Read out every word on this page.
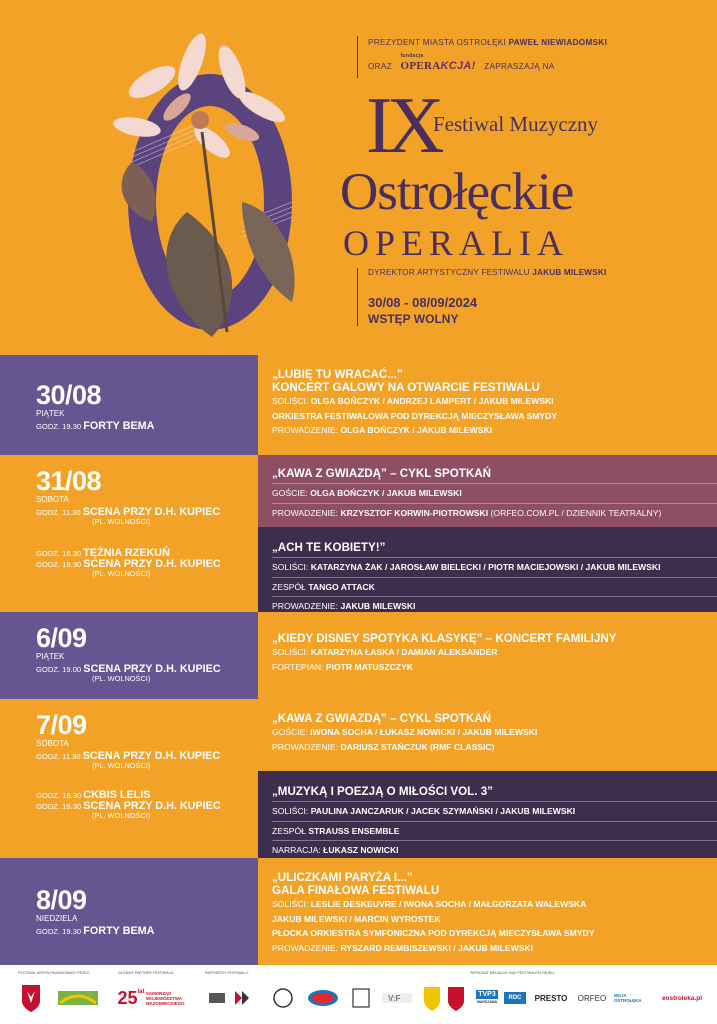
PREZYDENT MIASTA OSTROŁĘKI PAWEŁ NIEWIADOMSKI
ORAZ
fundacja
OPERAKCJA! ZAPRASZAJĄ NA
IX
Festiwal Muzyczny
Ostrołęckie
OPERALIA
DYREKTOR ARTYSTYCZNY FESTIWALU JAKUB MILEWSKI
30/08 - 08/09/2024
WSTĘP WOLNY
30/08
PIĄTEK
GODZ. 19.30 FORTY BEMA
„LUBIĘ TU WRACAĆ...”
KONCERT GALOWY NA OTWARCIE FESTIWALU
SOLIŚCI: OLGA BOŃCZYK / ANDRZEJ LAMPERT / JAKUB MILEWSKI
ORKIESTRA FESTIWALOWA POD DYREKCJĄ MIECZYSŁAWA SMYDY
PROWADZENIE: OLGA BOŃCZYK / JAKUB MILEWSKI
31/08
SOBOTA
GODZ. 11.30 SCENA PRZY D.H. KUPIEC
(PL. WOLNOŚCI)
GODZ. 16.30 TĘŻNIA RZEKUŃ
GODZ. 19.30 SCENA PRZY D.H. KUPIEC
(PL. WOLNOŚCI)
„KAWA Z GWIAZDĄ” – CYKL SPOTKAŃ
GOŚCIE: OLGA BOŃCZYK / JAKUB MILEWSKI
PROWADZENIE: KRZYSZTOF KORWIN-PIOTROWSKI (ORFEO.COM.PL / DZIENNIK TEATRALNY)
„ACH TE KOBIETY!”
SOLIŚCI: KATARZYNA ŻAK / JAROSŁAW BIELECKI / PIOTR MACIEJOWSKI / JAKUB MILEWSKI
ZESPÓŁ TANGO ATTACK
PROWADZENIE: JAKUB MILEWSKI
6/09
PIĄTEK
GODZ. 19.00 SCENA PRZY D.H. KUPIEC
(PL. WOLNOŚCI)
„KIEDY DISNEY SPOTYKA KLASYKĘ” – KONCERT FAMILIJNY
SOLIŚCI: KATARZYNA ŁASKA / DAMIAN ALEKSANDER
FORTEPIAN: PIOTR MATUSZCZYK
7/09
SOBOTA
GODZ. 11.30 SCENA PRZY D.H. KUPIEC
(PL. WOLNOŚCI)
GODZ. 16.30 CKBIS LELIS
GODZ. 19.30 SCENA PRZY D.H. KUPIEC
(PL. WOLNOŚCI)
„KAWA Z GWIAZDĄ” – CYKL SPOTKAŃ
GOŚCIE: IWONA SOCHA / ŁUKASZ NOWICKI / JAKUB MILEWSKI
PROWADZENIE: DARIUSZ STAŃCZUK (RMF CLASSIC)
„MUZYKĄ I POEZJĄ O MIŁOŚCI VOL. 3”
SOLIŚCI: PAULINA JANCZARUK / JACEK SZYMAŃSKI / JAKUB MILEWSKI
ZESPÓŁ STRAUSS ENSEMBLE
NARRACJA: ŁUKASZ NOWICKI
8/09
NIEDZIELA
GODZ. 19.30 FORTY BEMA
„ULICZKAMI PARYŻA I...”
GALA FINAŁOWA FESTIWALU
SOLIŚCI: LESLIE DESKEUVRE / IWONA SOCHA / MAŁGORZATA WALEWSKA
JAKUB MILEWSKI / MARCIN WYROSTEK
PŁOCKA ORKIESTRA SYMFONICZNA POD DYREKCJĄ MIECZYSŁAWA SMYDY
PROWADZENIE: RYSZARD REMBISZEWSKI / JAKUB MILEWSKI
FESTIWAL WSPÓŁFINANSOWANY PRZEZ:	GŁÓWNY PARTNER FESTIWALU:	PARTNERZY FESTIWALU:	PATRONAT MEDIALNY NAD FESTIWALEM OBJĘLI:
25 lat SAMORZĄD WOJEWÓDZTWA MAZOWIECKIEGO	V:F	TVP3
WARSZAWA
RDC	PRESTO ORFEO	MOJA OSTROŁĘKA	eostroleka.pl
